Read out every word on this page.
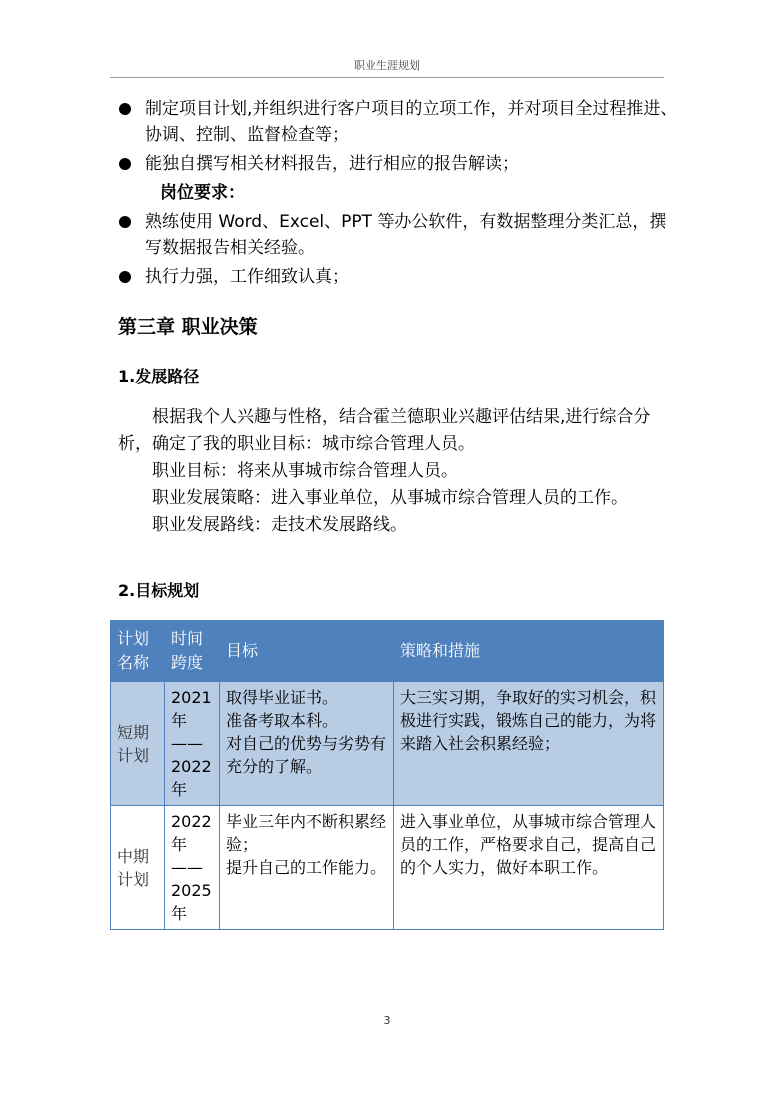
职业生涯规划
制定项目计划,并组织进行客户项目的立项工作，并对项目全过程推进、协调、控制、监督检查等；
能独自撰写相关材料报告，进行相应的报告解读；
岗位要求：
熟练使用 Word、Excel、PPT 等办公软件，有数据整理分类汇总，撰写数据报告相关经验。
执行力强，工作细致认真；
第三章 职业决策
1.发展路径

根据我个人兴趣与性格，结合霍兰德职业兴趣评估结果,进行综合分析，确定了我的职业目标：城市综合管理人员。

职业目标：将来从事城市综合管理人员。

职业发展策略：进入事业单位，从事城市综合管理人员的工作。

职业发展路线：走技术发展路线。

2.目标规划
计划名称	时间跨度	目标	策略和措施
短期计划	2021 年——2022 年	取得毕业证书。
准备考取本科。
对自己的优势与劣势有充分的了解。	大三实习期，争取好的实习机会，积极进行实践，锻炼自己的能力，为将来踏入社会积累经验；
中期计划	2022 年——2025 年	毕业三年内不断积累经验；
提升自己的工作能力。	进入事业单位，从事城市综合管理人员的工作，严格要求自己，提高自己的个人实力，做好本职工作。
3
